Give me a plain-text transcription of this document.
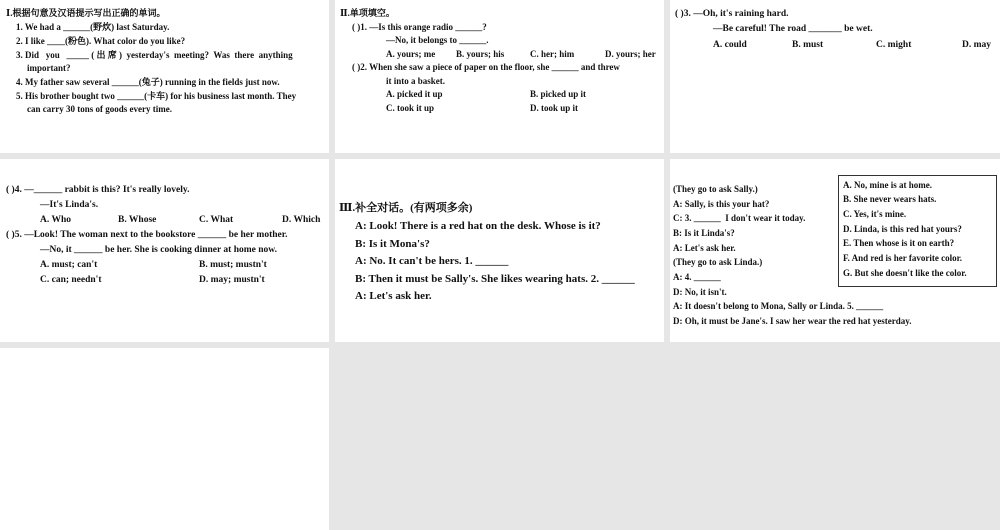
Ⅰ.根据句意及汉语提示写出正确的单词。
1. We had a ______(野炊) last Saturday.
2. I like ____(粉色). What color do you like?
3. Did   you   _____ ( 出 席 )  yesterday's  meeting?  Was  there  anything
important?
4. My father saw several ______(兔子) running in the fields just now.
5. His brother bought two ______(卡车) for his business last month. They
can carry 30 tons of goods every time.
Ⅱ.单项填空。
( )1. —Is this orange radio ______?
—No, it belongs to ______.
A. yours; me B. yours; his	C. her; him	D. yours; her
( )2. When she saw a piece of paper on the floor, she ______ and threw
it into a basket.
A. picked it up	B. picked up it
C. took it up	D. took up it
( )3. —Oh, it's raining hard.
—Be careful! The road _______ be wet.
A. could	B. must	C. might	D. may
( )4. —______ rabbit is this? It's really lovely.
—It's Linda's.
A. Who	B. Whose	C. What	D. Which
( )5. —Look! The woman next to the bookstore ______ be her mother.
—No, it ______ be her. She is cooking dinner at home now.
A. must; can't	B. must; mustn't
C. can; needn't	D. may; mustn't
Ⅲ.补全对话。(有两项多余)
A: Look! There is a red hat on the desk. Whose is it?
B: Is it Mona's?
A: No. It can't be hers. 1. ______
B: Then it must be Sally's. She likes wearing hats. 2. ______
A: Let's ask her.
(They go to ask Sally.)
A: Sally, is this your hat?
C: 3. ______  I don't wear it today.
B: Is it Linda's?
A: Let's ask her.
(They go to ask Linda.)
A: 4. ______
D: No, it isn't.
A: It doesn't belong to Mona, Sally or Linda. 5. ______
D: Oh, it must be Jane's. I saw her wear the red hat yesterday.
A. No, mine is at home.
B. She never wears hats.
C. Yes, it's mine.
D. Linda, is this red hat yours?
E. Then whose is it on earth?
F. And red is her favorite color.
G. But she doesn't like the color.
